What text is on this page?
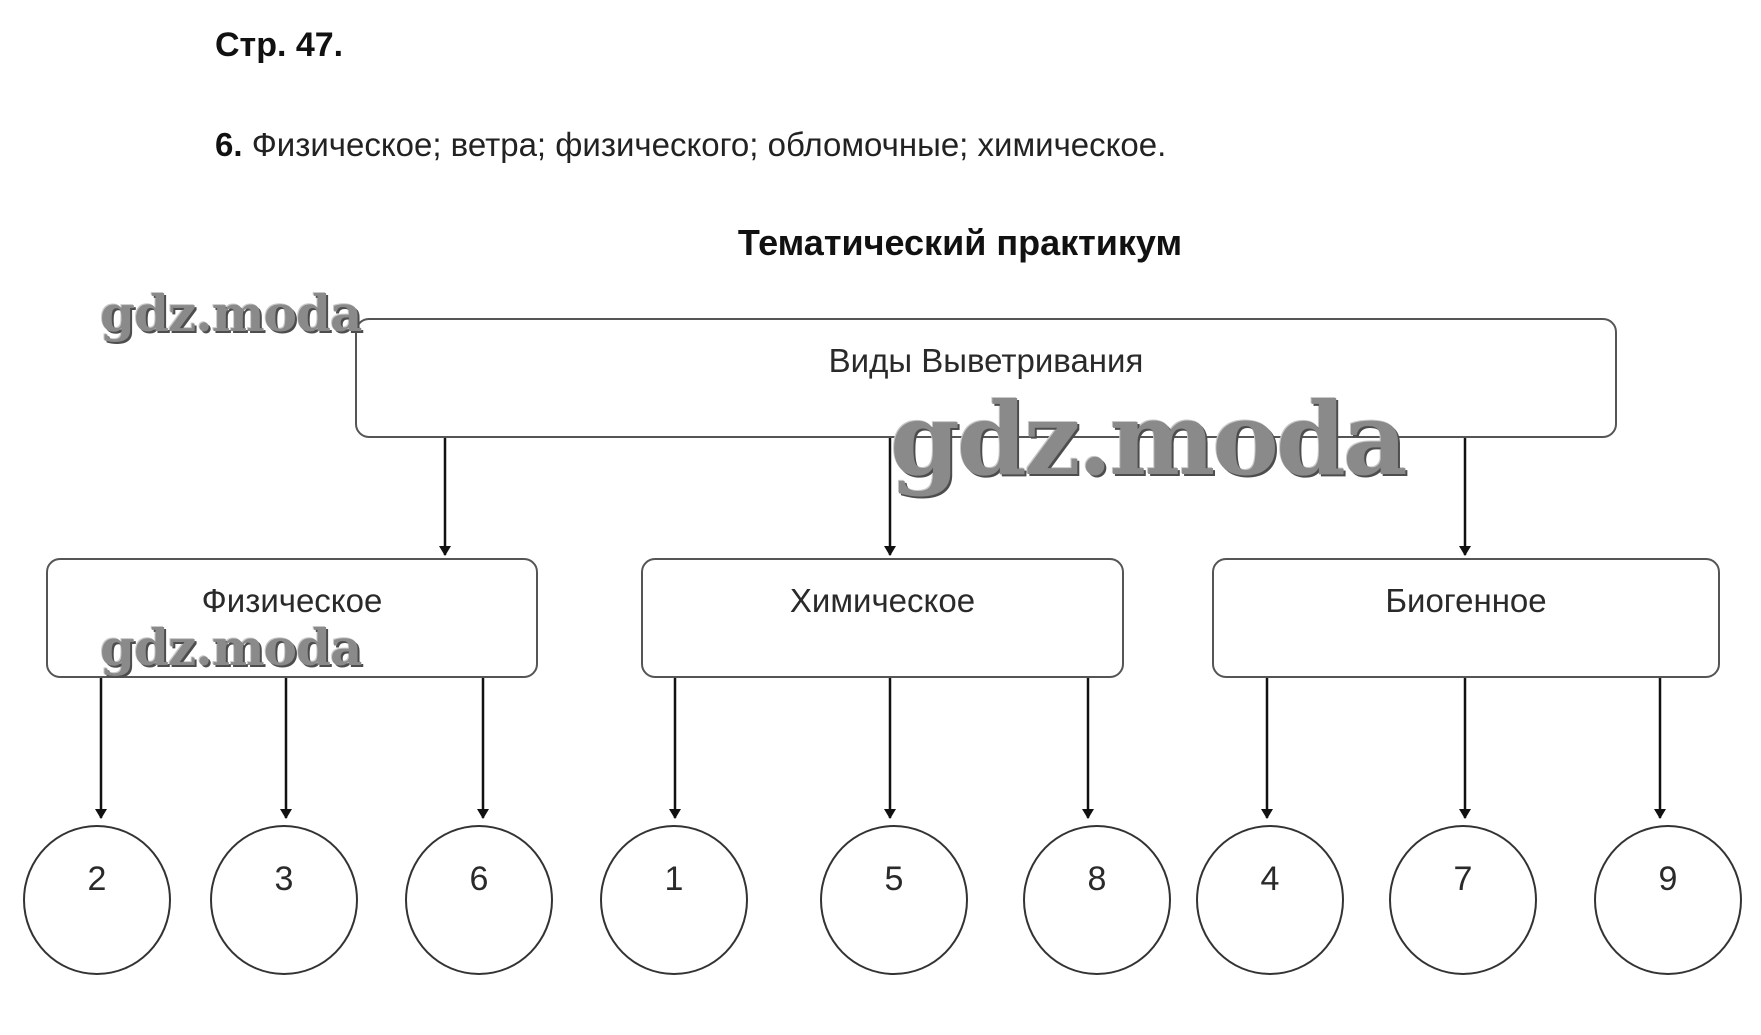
Стр. 47.
6. Физическое; ветра; физического; обломочные; химическое.
Тематический практикум
Виды Выветривания
Физическое	Химическое	Биогенное
2	3	6	1	5	8	4	7	9
gdz.moda
gdz.moda
gdz.moda
